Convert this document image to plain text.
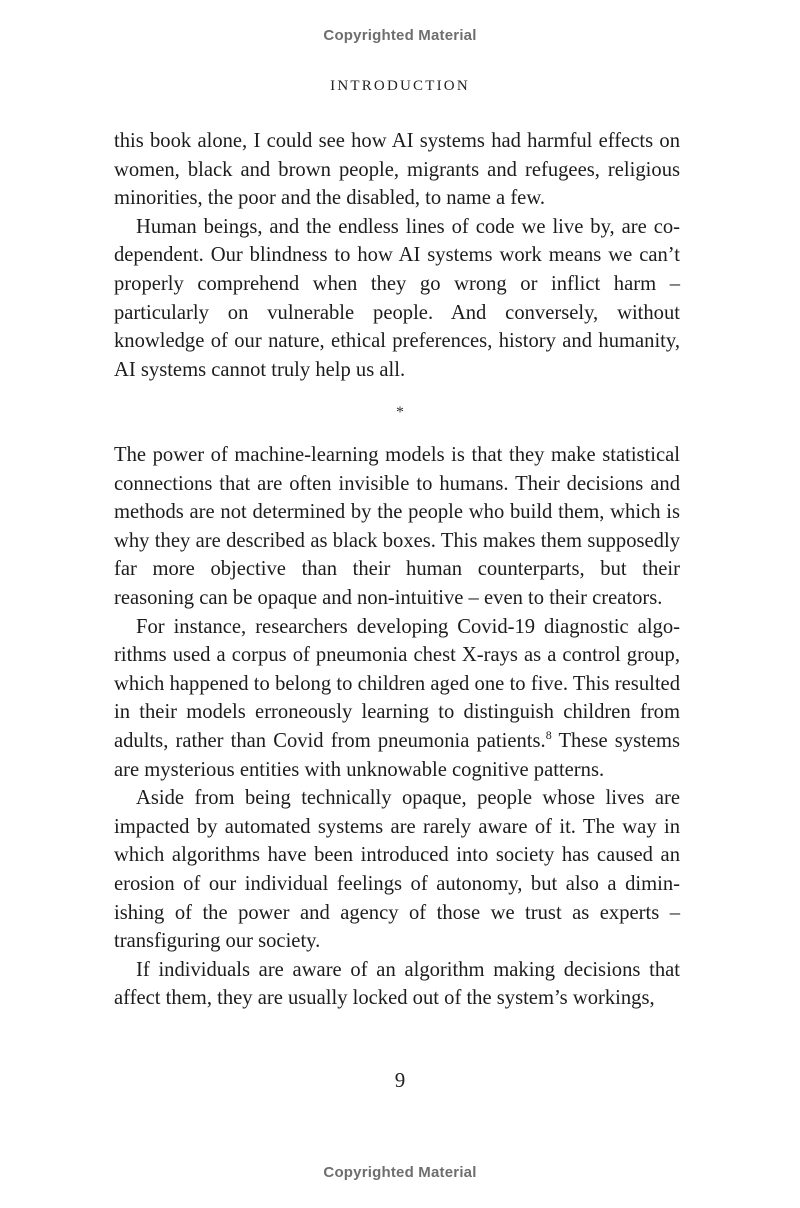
Copyrighted Material
INTRODUCTION

this book alone, I could see how AI systems had harmful effects on women, black and brown people, migrants and refugees, religious minorities, the poor and the disabled, to name a few.

Human beings, and the endless lines of code we live by, are co-dependent. Our blindness to how AI systems work means we can’t properly comprehend when they go wrong or inflict harm – particularly on vulnerable people. And conversely, without knowledge of our nature, ethical preferences, history and humanity, AI systems cannot truly help us all.

*

The power of machine-learning models is that they make statistical connections that are often invisible to humans. Their decisions and methods are not determined by the people who build them, which is why they are described as black boxes. This makes them supposedly far more objective than their human counterparts, but their reasoning can be opaque and non-intuitive – even to their creators.

For instance, researchers developing Covid-19 diagnostic algorithms used a corpus of pneumonia chest X-rays as a control group, which happened to belong to children aged one to five. This resulted in their models erroneously learning to distinguish children from adults, rather than Covid from pneumonia patients.$^8$ These systems are mysterious entities with unknowable cognitive patterns.

Aside from being technically opaque, people whose lives are impacted by automated systems are rarely aware of it. The way in which algorithms have been introduced into society has caused an erosion of our individual feelings of autonomy, but also a diminishing of the power and agency of those we trust as experts – transfiguring our society.

If individuals are aware of an algorithm making decisions that affect them, they are usually locked out of the system’s workings,

9
Copyrighted Material
